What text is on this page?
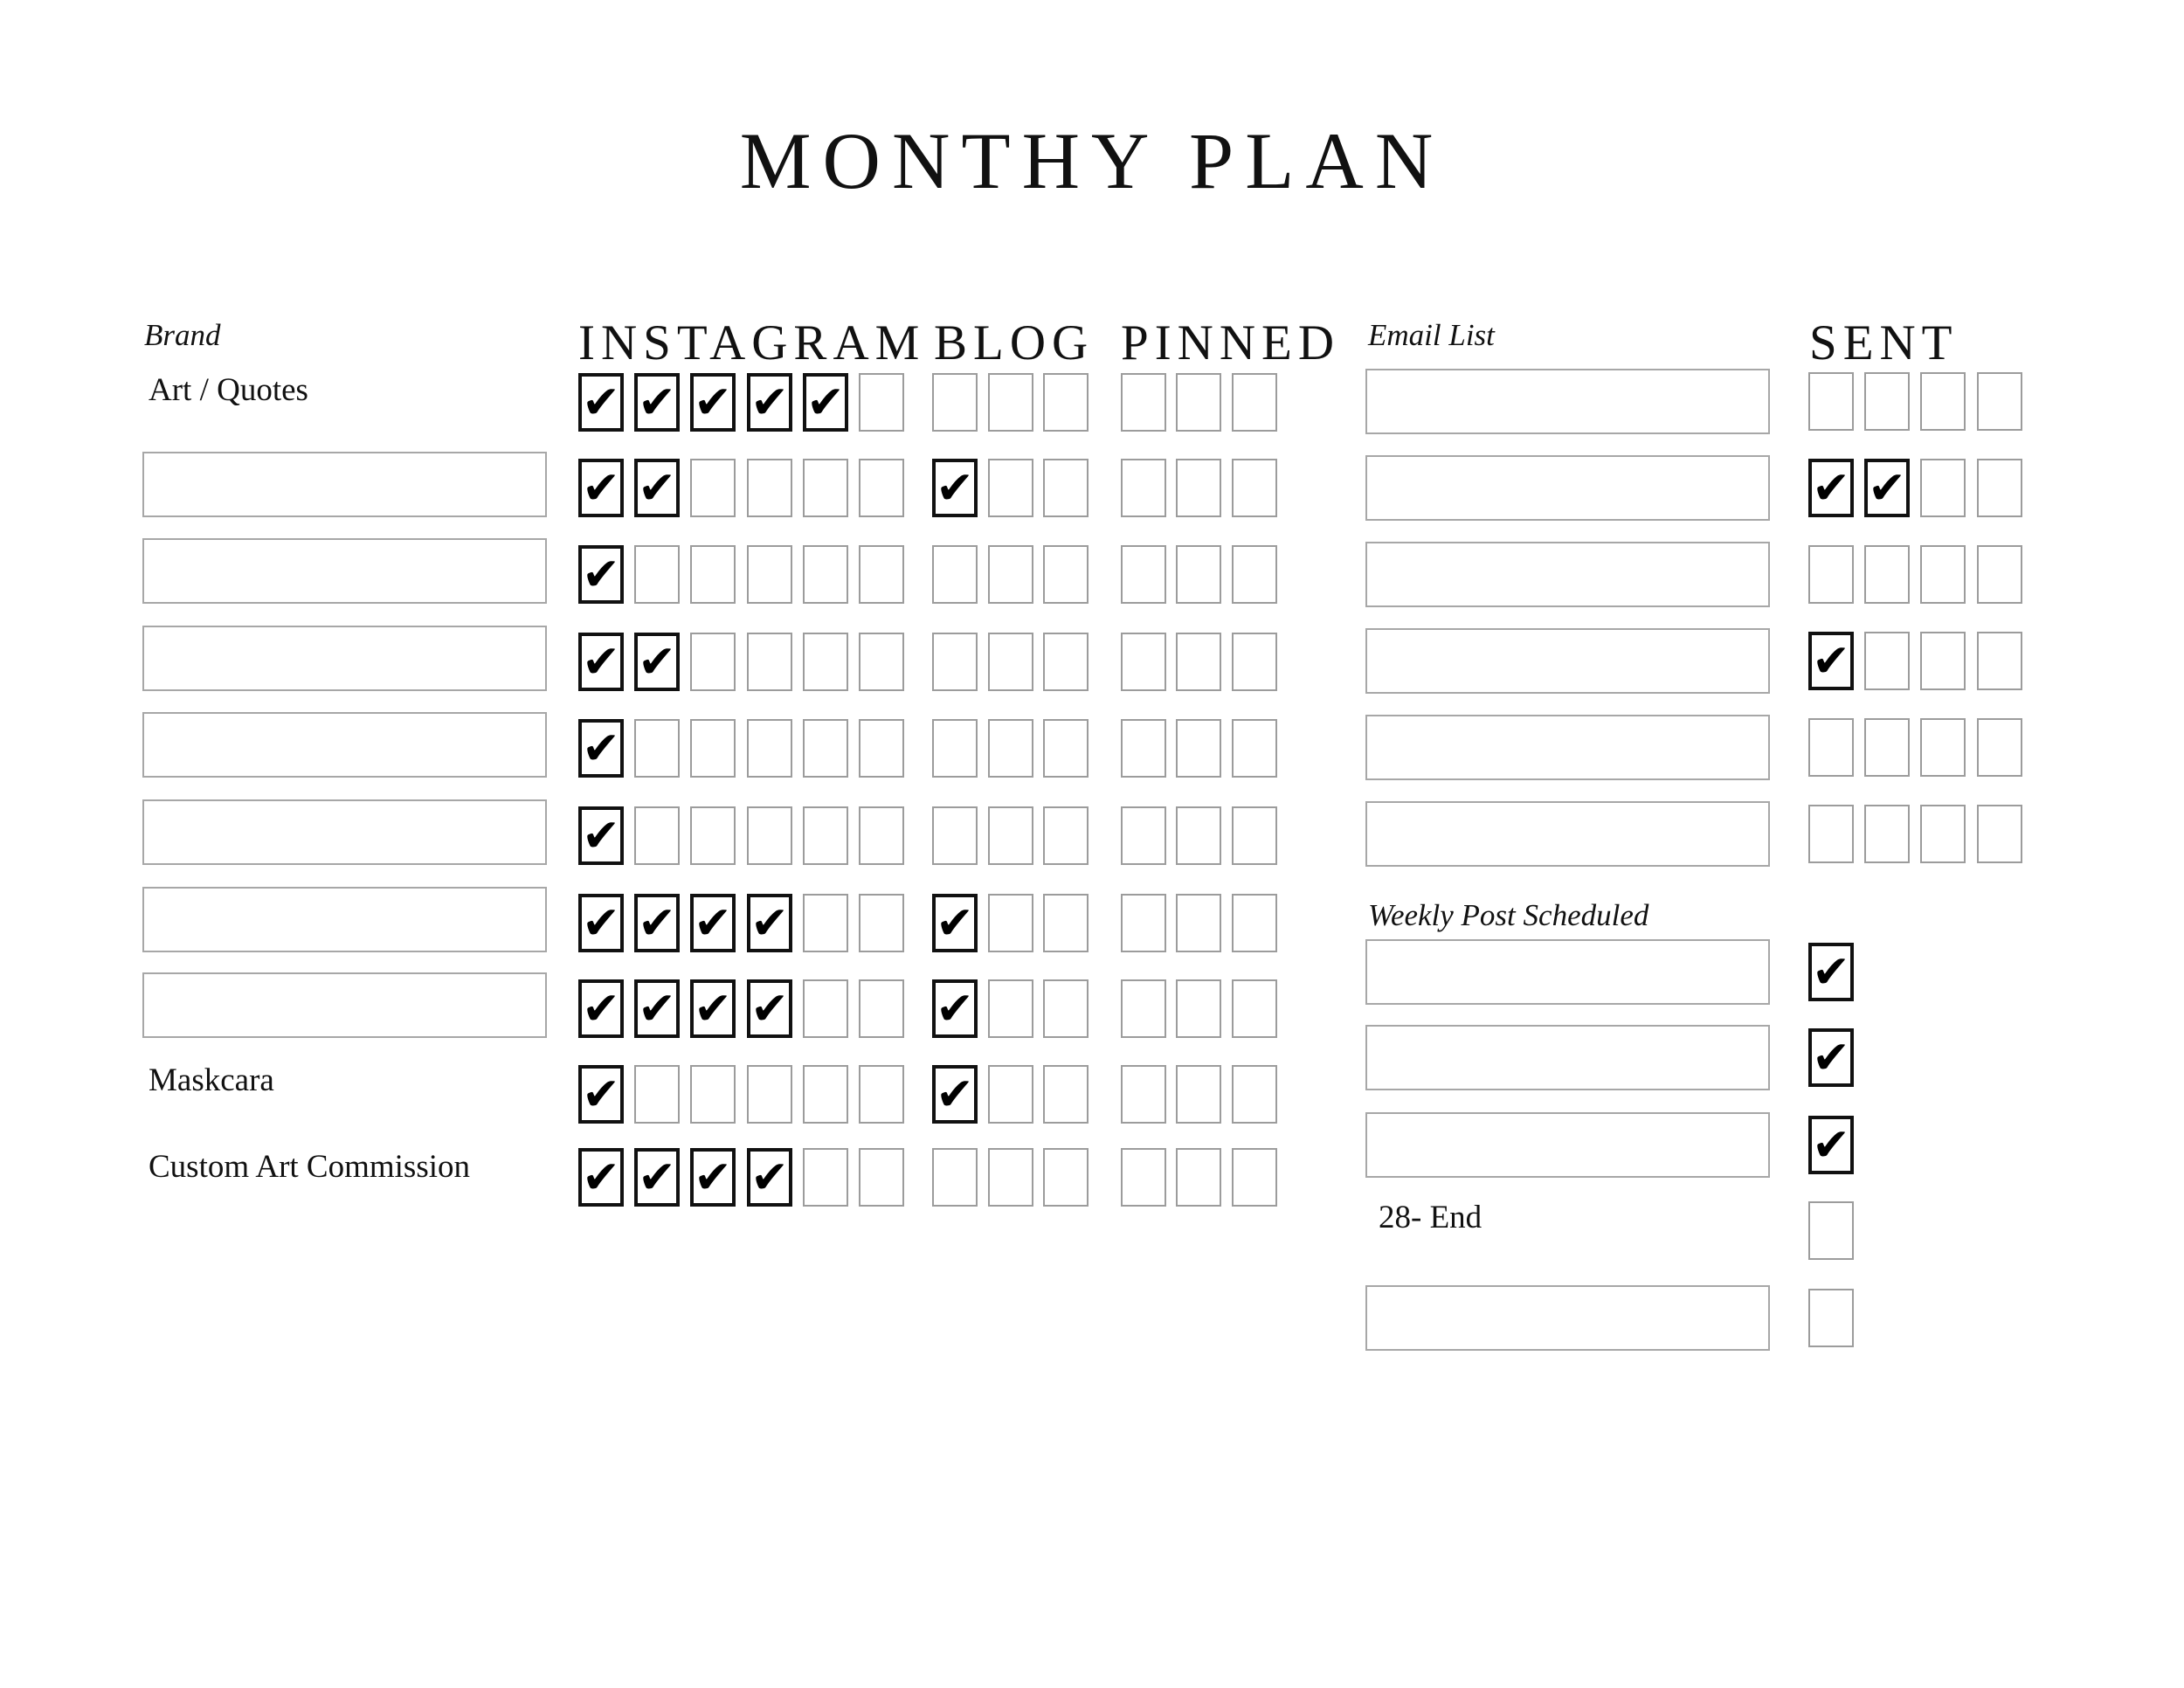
MONTHY PLAN
Brand	INSTAGRAM BLOG PINNED Email List	SENT
Weekly Post Scheduled
Art / Quotes
✔
✔
✔
✔
✔
✔
✔
✔
✔
✔
✔
✔
✔
✔
✔
✔
✔
✔
✔
✔
✔
✔
✔
Maskcara
✔
✔
Custom Art Commission
✔
✔
✔
✔
✔
✔
✔
✔
✔
✔
28- End
